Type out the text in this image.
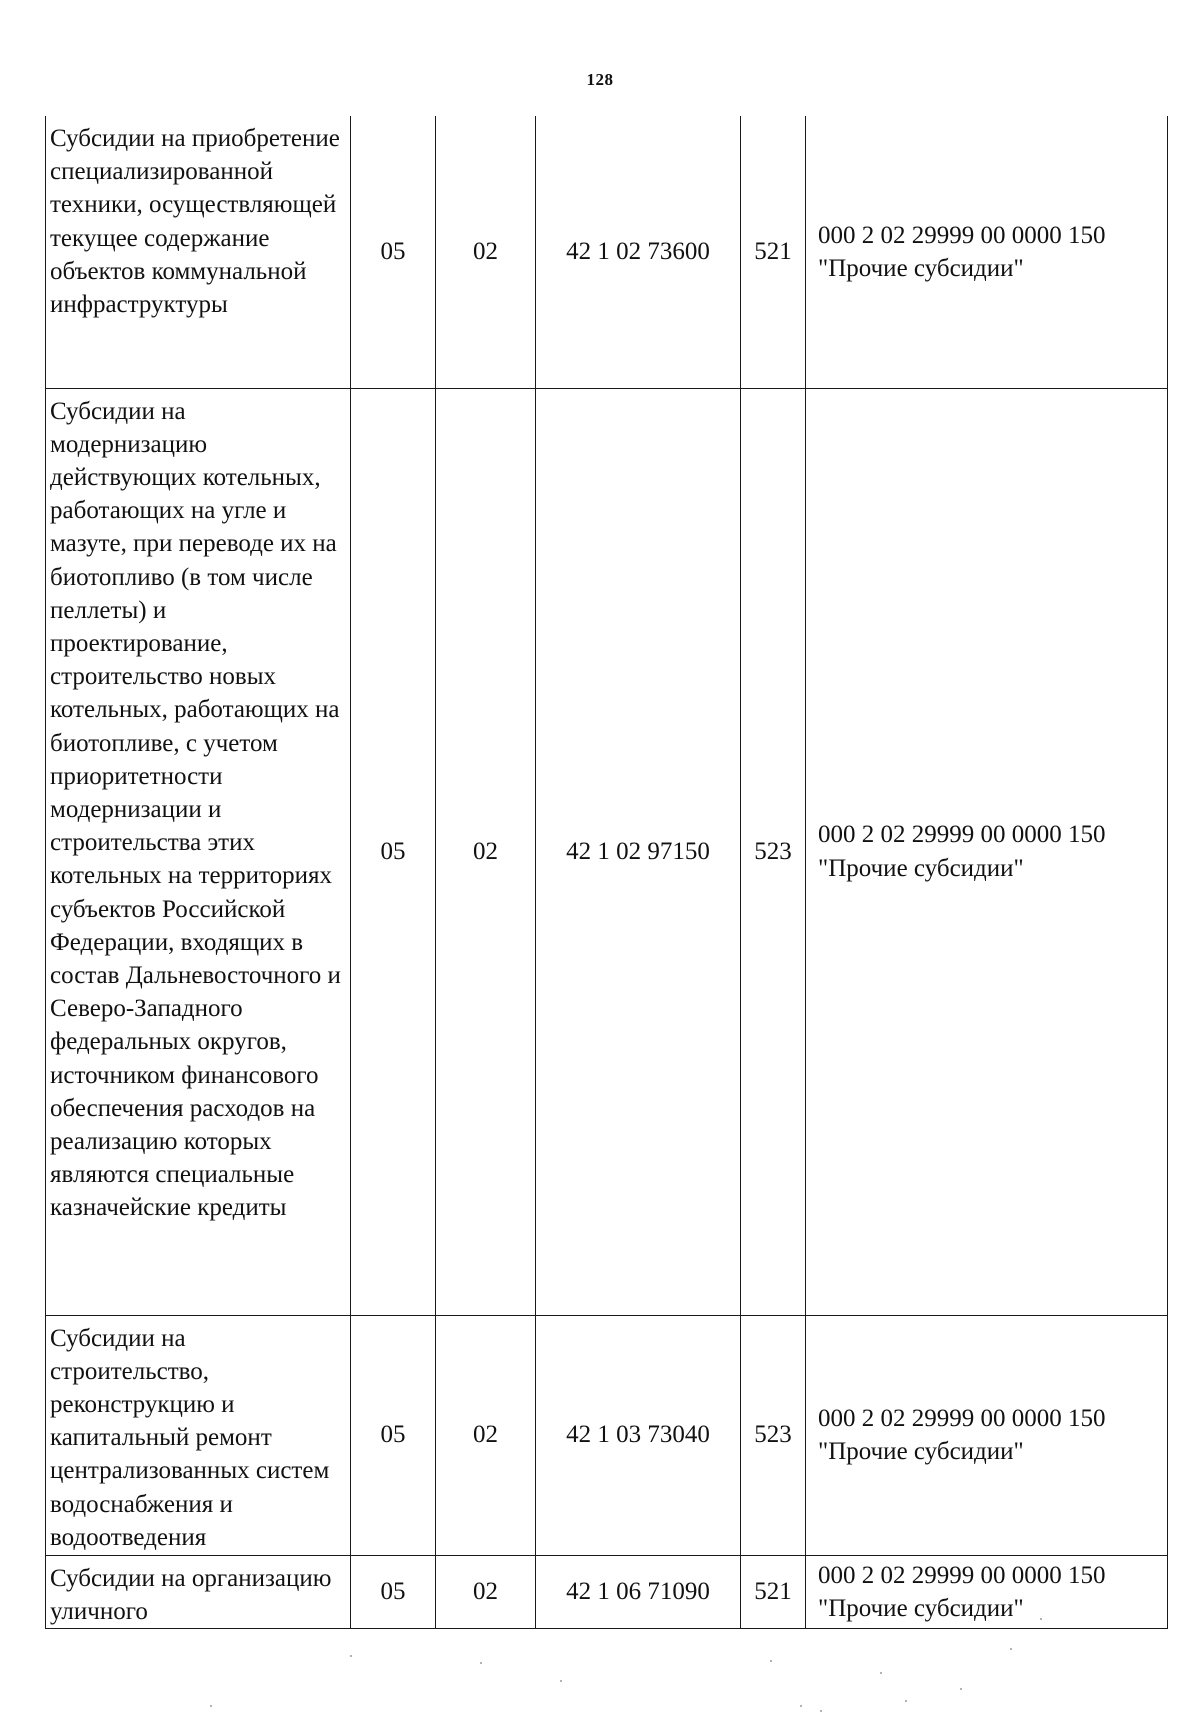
128
Субсидии на приобретение специализированной техники, осуществляющей текущее содержание объектов коммунальной инфраструктуры	05	02	42 1 02 73600	521	000 2 02 29999 00 0000 150 "Прочие субсидии"

Субсидии на модернизацию действующих котельных, работающих на угле и мазуте, при переводе их на биотопливо (в том числе пеллеты) и проектирование, строительство новых котельных, работающих на биотопливе, с учетом приоритетности модернизации и строительства этих котельных на территориях субъектов Российской Федерации, входящих в состав Дальневосточного и Северо-Западного федеральных округов, источником финансового обеспечения расходов на реализацию которых являются специальные казначейские кредиты	05	02	42 1 02 97150	523	000 2 02 29999 00 0000 150 "Прочие субсидии"

Субсидии на строительство, реконструкцию и капитальный ремонт централизованных систем водоснабжения и водоотведения	05	02	42 1 03 73040	523	000 2 02 29999 00 0000 150 "Прочие субсидии"

Субсидии на организацию уличного	05	02	42 1 06 71090	521	000 2 02 29999 00 0000 150 "Прочие субсидии"
